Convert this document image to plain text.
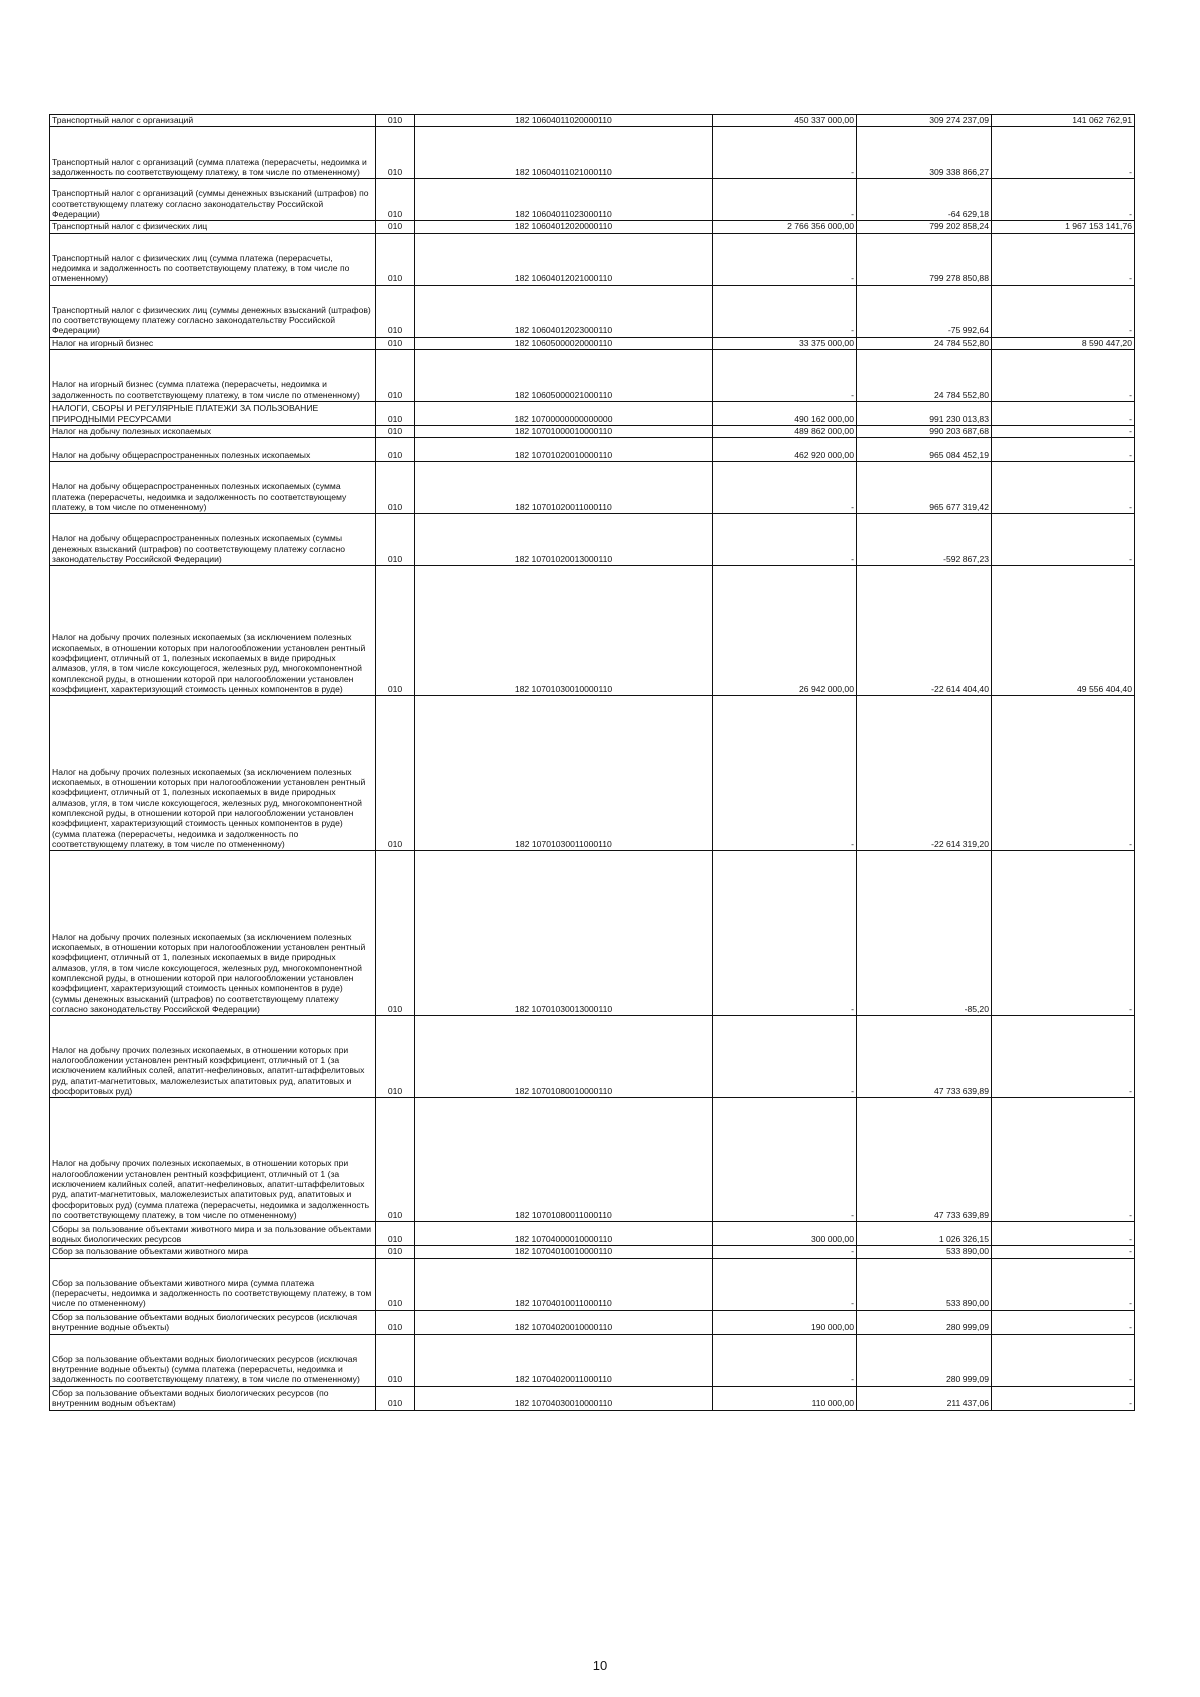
Транспортный налог с организаций	010	182 10604011020000110	450 337 000,00	309 274 237,09	141 062 762,91
Транспортный налог с организаций (сумма платежа (перерасчеты, недоимка и задолженность по соответствующему платежу, в том числе по отмененному)	010	182 10604011021000110	-	309 338 866,27	-
Транспортный налог с организаций (суммы денежных взысканий (штрафов) по соответствующему платежу согласно законодательству Российской Федерации)	010	182 10604011023000110	-	-64 629,18	-
Транспортный налог с физических лиц	010	182 10604012020000110	2 766 356 000,00	799 202 858,24	1 967 153 141,76
Транспортный налог с физических лиц (сумма платежа (перерасчеты, недоимка и задолженность по соответствующему платежу, в том числе по отмененному)	010	182 10604012021000110	-	799 278 850,88	-
Транспортный налог с физических лиц (суммы денежных взысканий (штрафов) по соответствующему платежу согласно законодательству Российской Федерации)	010	182 10604012023000110	-	-75 992,64	-
Налог на игорный бизнес	010	182 10605000020000110	33 375 000,00	24 784 552,80	8 590 447,20
Налог на игорный бизнес (сумма платежа (перерасчеты, недоимка и задолженность по соответствующему платежу, в том числе по отмененному)	010	182 10605000021000110	-	24 784 552,80	-
НАЛОГИ, СБОРЫ И РЕГУЛЯРНЫЕ ПЛАТЕЖИ ЗА ПОЛЬЗОВАНИЕ ПРИРОДНЫМИ РЕСУРСАМИ	010	182 10700000000000000	490 162 000,00	991 230 013,83	-
Налог на добычу полезных ископаемых	010	182 10701000010000110	489 862 000,00	990 203 687,68	-
Налог на добычу общераспространенных полезных ископаемых	010	182 10701020010000110	462 920 000,00	965 084 452,19	-
Налог на добычу общераспространенных полезных ископаемых (сумма платежа (перерасчеты, недоимка и задолженность по соответствующему платежу, в том числе по отмененному)	010	182 10701020011000110	-	965 677 319,42	-
Налог на добычу общераспространенных полезных ископаемых (суммы денежных взысканий (штрафов) по соответствующему платежу согласно законодательству Российской Федерации)	010	182 10701020013000110	-	-592 867,23	-
Налог на добычу прочих полезных ископаемых (за исключением полезных ископаемых, в отношении которых при налогообложении установлен рентный коэффициент, отличный от 1, полезных ископаемых в виде природных алмазов, угля, в том числе коксующегося, железных руд, многокомпонентной комплексной руды, в отношении которой при налогообложении установлен коэффициент, характеризующий стоимость ценных компонентов в руде)	010	182 10701030010000110	26 942 000,00	-22 614 404,40	49 556 404,40
Налог на добычу прочих полезных ископаемых (за исключением полезных ископаемых, в отношении которых при налогообложении установлен рентный коэффициент, отличный от 1, полезных ископаемых в виде природных алмазов, угля, в том числе коксующегося, железных руд, многокомпонентной комплексной руды, в отношении которой при налогообложении установлен коэффициент, характеризующий стоимость ценных компонентов в руде) (сумма платежа (перерасчеты, недоимка и задолженность по соответствующему платежу, в том числе по отмененному)	010	182 10701030011000110	-	-22 614 319,20	-
Налог на добычу прочих полезных ископаемых (за исключением полезных ископаемых, в отношении которых при налогообложении установлен рентный коэффициент, отличный от 1, полезных ископаемых в виде природных алмазов, угля, в том числе коксующегося, железных руд, многокомпонентной комплексной руды, в отношении которой при налогообложении установлен коэффициент, характеризующий стоимость ценных компонентов в руде) (суммы денежных взысканий (штрафов) по соответствующему платежу согласно законодательству Российской Федерации)	010	182 10701030013000110	-	-85,20	-
Налог на добычу прочих полезных ископаемых, в отношении которых при налогообложении установлен рентный коэффициент, отличный от 1 (за исключением калийных солей, апатит-нефелиновых, апатит-штаффелитовых руд, апатит-магнетитовых, маложелезистых апатитовых руд, апатитовых и фосфоритовых руд)	010	182 10701080010000110	-	47 733 639,89	-
Налог на добычу прочих полезных ископаемых, в отношении которых при налогообложении установлен рентный коэффициент, отличный от 1 (за исключением калийных солей, апатит-нефелиновых, апатит-штаффелитовых руд, апатит-магнетитовых, маложелезистых апатитовых руд, апатитовых и фосфоритовых руд) (сумма платежа (перерасчеты, недоимка и задолженность по соответствующему платежу, в том числе по отмененному)	010	182 10701080011000110	-	47 733 639,89	-
Сборы за пользование объектами животного мира и за пользование объектами водных биологических ресурсов	010	182 10704000010000110	300 000,00	1 026 326,15	-
Сбор за пользование объектами животного мира	010	182 10704010010000110	-	533 890,00	-
Сбор за пользование объектами животного мира (сумма платежа (перерасчеты, недоимка и задолженность по соответствующему платежу, в том числе по отмененному)	010	182 10704010011000110	-	533 890,00	-
Сбор за пользование объектами водных биологических ресурсов (исключая внутренние водные объекты)	010	182 10704020010000110	190 000,00	280 999,09	-
Сбор за пользование объектами водных биологических ресурсов (исключая внутренние водные объекты) (сумма платежа (перерасчеты, недоимка и задолженность по соответствующему платежу, в том числе по отмененному)	010	182 10704020011000110	-	280 999,09	-
Сбор за пользование объектами водных биологических ресурсов (по внутренним водным объектам)	010	182 10704030010000110	110 000,00	211 437,06	-
10
